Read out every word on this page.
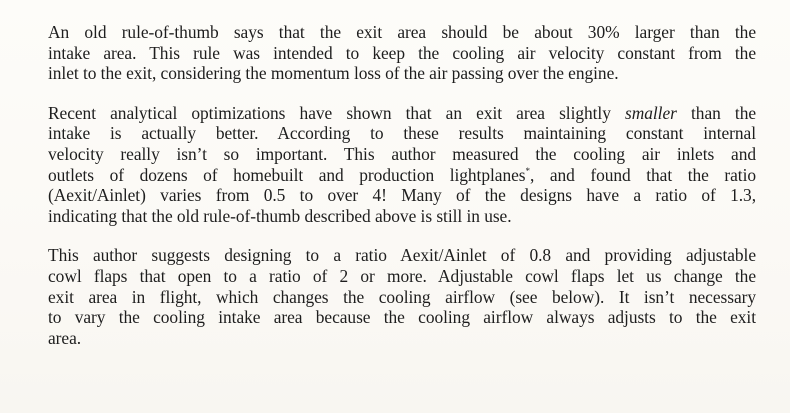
An old rule-of-thumb says that the exit area should be about 30% larger than the
intake area. This rule was intended to keep the cooling air velocity constant from the
inlet to the exit, considering the momentum loss of the air passing over the engine.

Recent analytical optimizations have shown that an exit area slightly smaller than the
intake is actually better. According to these results maintaining constant internal
velocity really isn’t so important. This author measured the cooling air inlets and
outlets of dozens of homebuilt and production lightplanes*, and found that the ratio
(Aexit/Ainlet) varies from 0.5 to over 4! Many of the designs have a ratio of 1.3,
indicating that the old rule-of-thumb described above is still in use.

This author suggests designing to a ratio Aexit/Ainlet of 0.8 and providing adjustable
cowl flaps that open to a ratio of 2 or more. Adjustable cowl flaps let us change the
exit area in flight, which changes the cooling airflow (see below). It isn’t necessary
to vary the cooling intake area because the cooling airflow always adjusts to the exit
area.
